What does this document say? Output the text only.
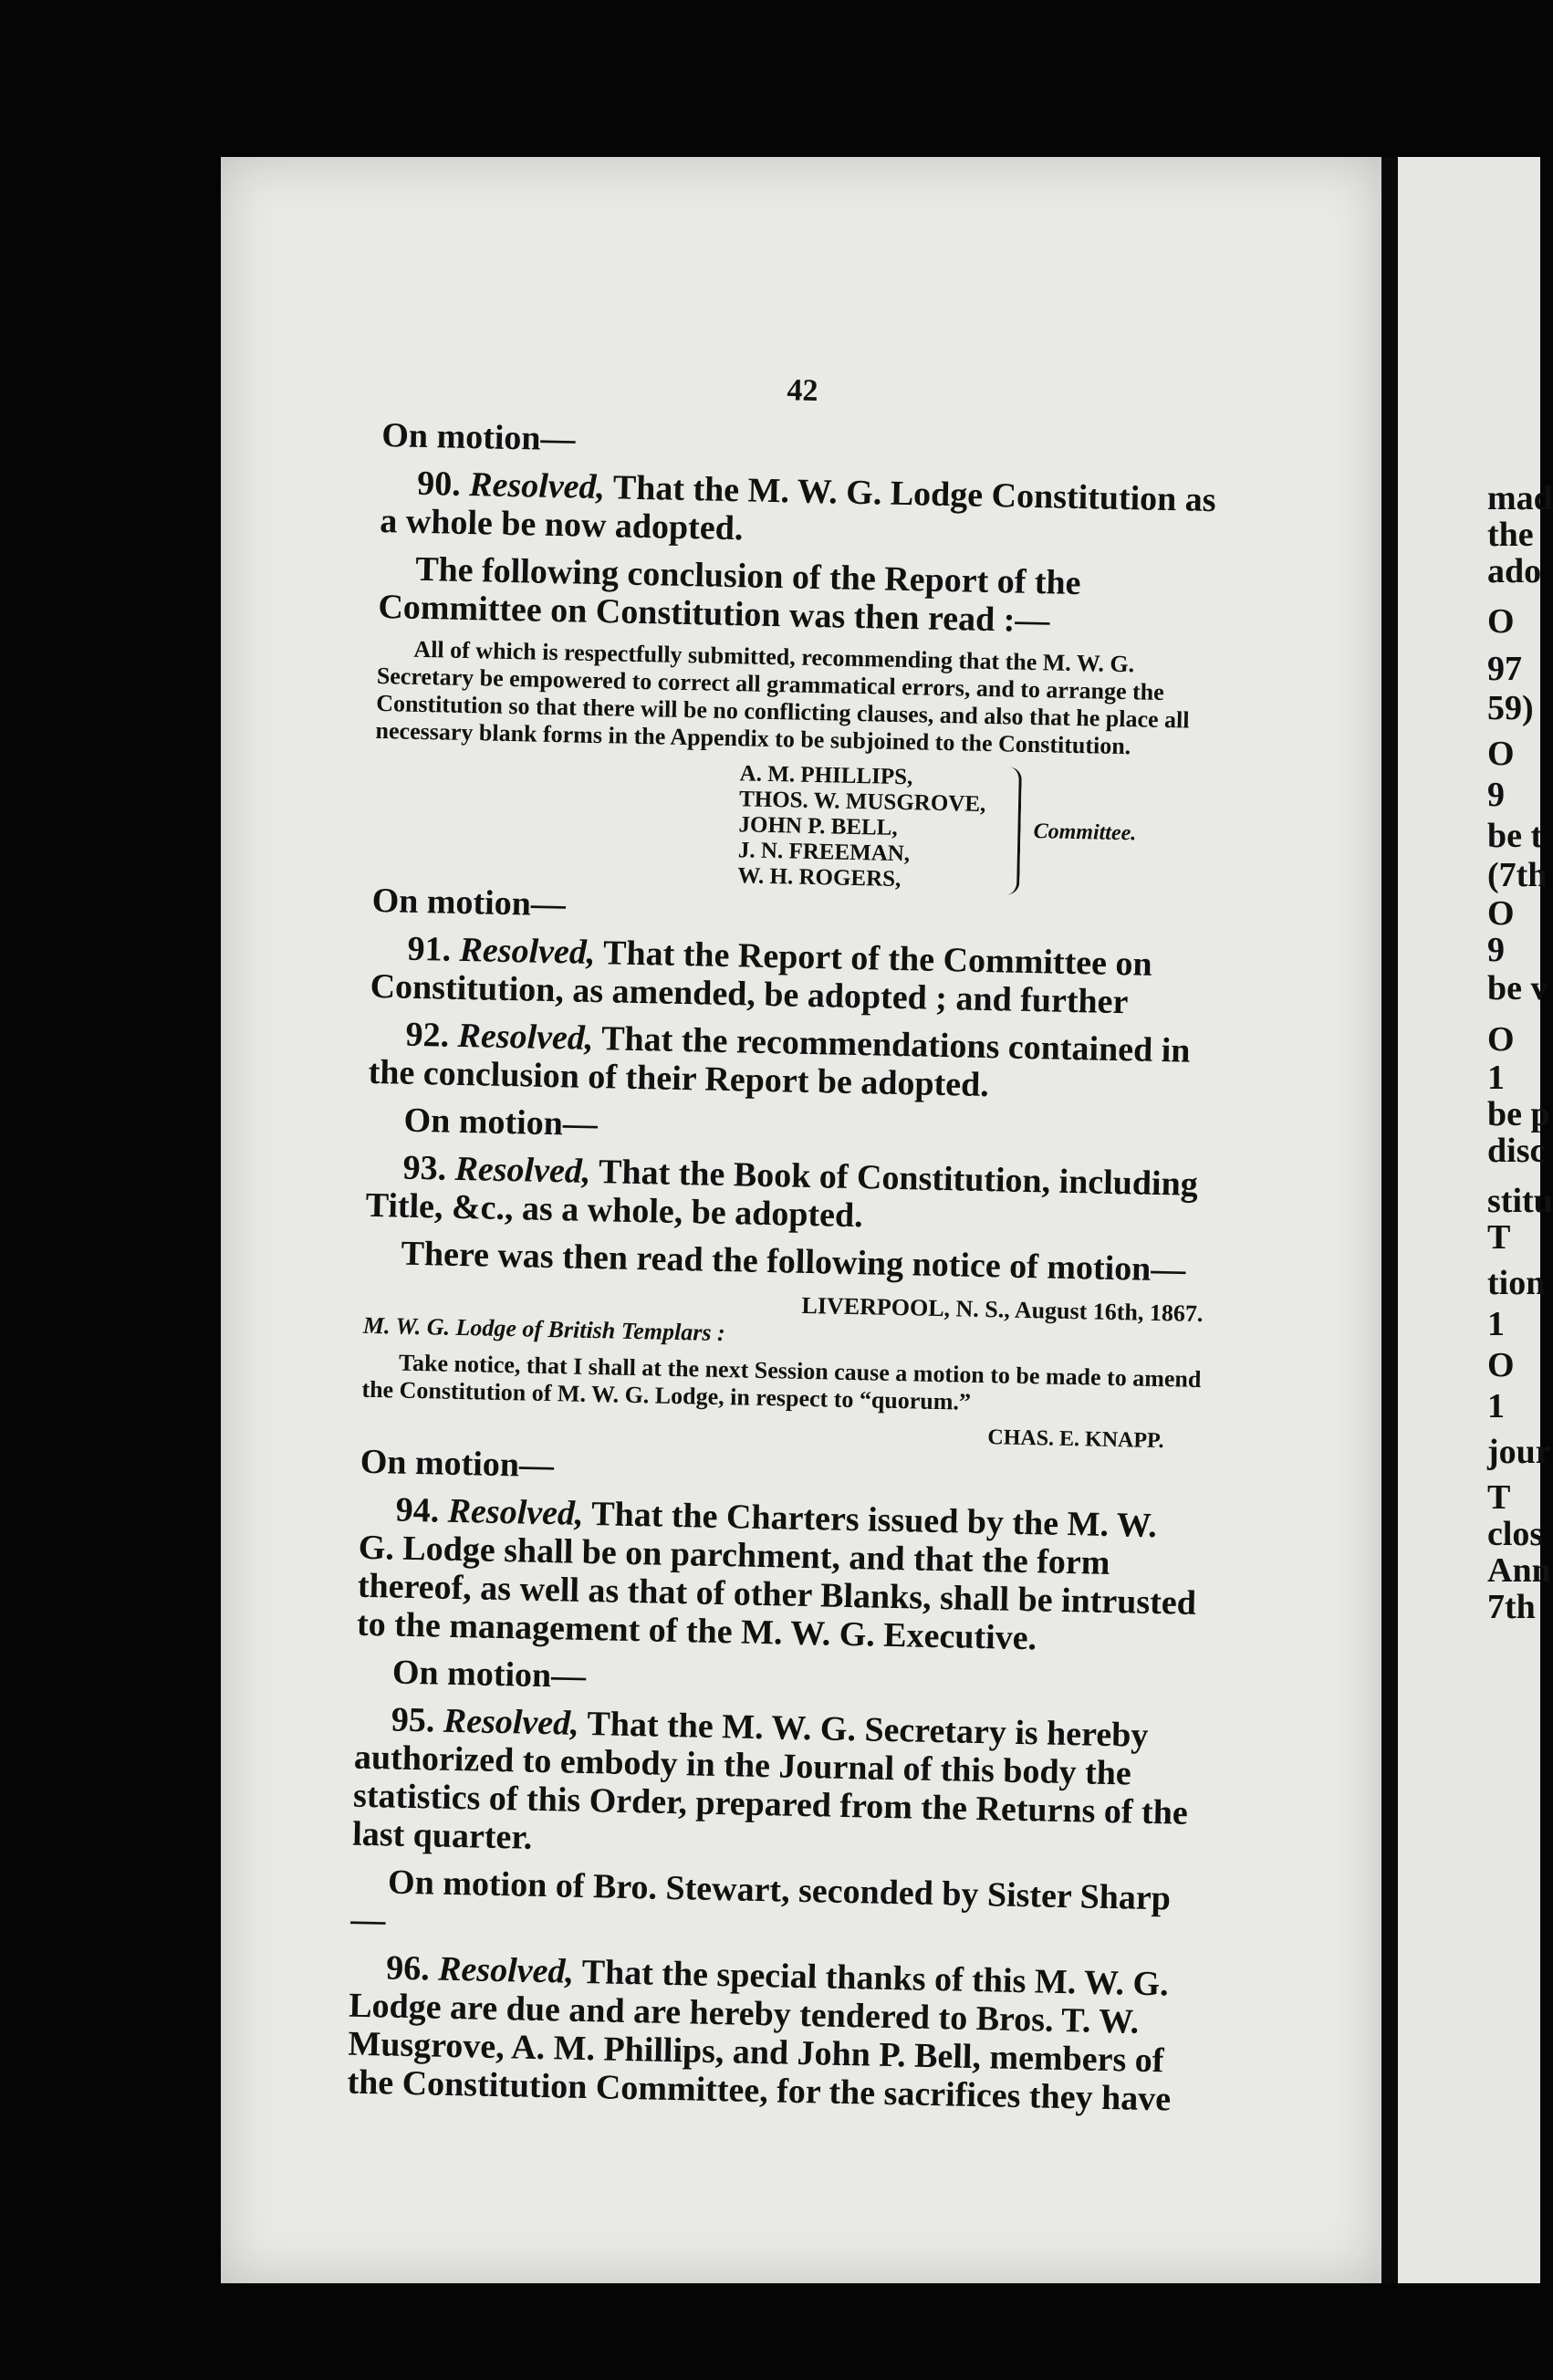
42
On motion—
90. Resolved, That the M. W. G. Lodge Constitution as a whole be now adopted.
The following conclusion of the Report of the Committee on Constitution was then read :—
All of which is respectfully submitted, recommending that the M. W. G. Secretary be empowered to correct all grammatical errors, and to arrange the Constitution so that there will be no conflicting clauses, and also that he place all necessary blank forms in the Appendix to be subjoined to the Constitution.
A. M. PHILLIPS,
THOS. W. MUSGROVE,
JOHN P. BELL,
J. N. FREEMAN,
W. H. ROGERS,
Committee.
On motion—
91. Resolved, That the Report of the Committee on Constitution, as amended, be adopted ; and further
92. Resolved, That the recommendations contained in the conclusion of their Report be adopted.
On motion—
93. Resolved, That the Book of Constitution, including Title, &c., as a whole, be adopted.
There was then read the following notice of motion—
LIVERPOOL, N. S., August 16th, 1867.
M. W. G. Lodge of British Templars :
Take notice, that I shall at the next Session cause a motion to be made to amend the Constitution of M. W. G. Lodge, in respect to “quorum.”
CHAS. E. KNAPP.
On motion—
94. Resolved, That the Charters issued by the M. W. G. Lodge shall be on parchment, and that the form thereof, as well as that of other Blanks, shall be intrusted to the management of the M. W. G. Executive.
On motion—
95. Resolved, That the M. W. G. Secretary is hereby authorized to embody in the Journal of this body the statistics of this Order, prepared from the Returns of the last quarter.
On motion of Bro. Stewart, seconded by Sister Sharp—
96. Resolved, That the special thanks of this M. W. G. Lodge are due and are hereby tendered to Bros. T. W. Musgrove, A. M. Phillips, and John P. Bell, members of the Constitution Committee, for the sacrifices they have
mad
the
ado
O
97
59)
O
9
be t
(7th
O
9
be v
O
1
be p
disc
stitu
T
tion
1
O
1
jour
T
clos
Ann
7th
